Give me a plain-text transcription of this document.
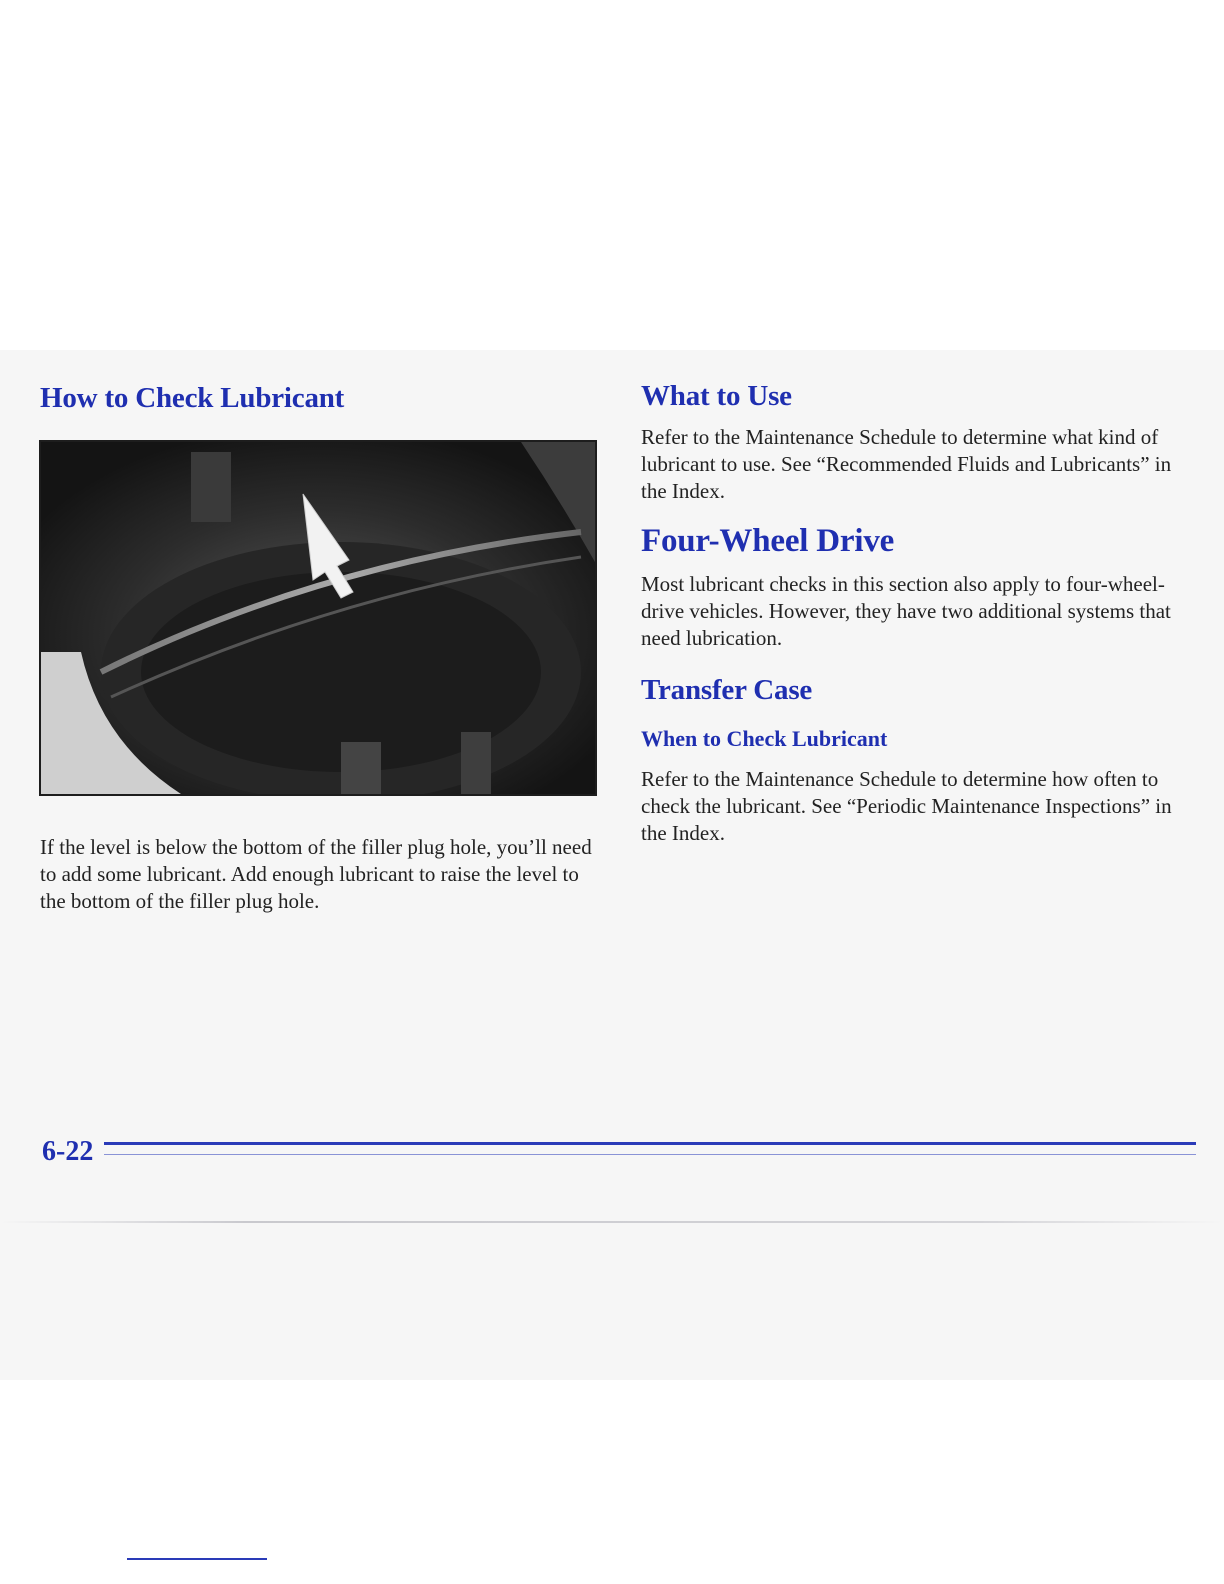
How to Check Lubricant

If the level is below the bottom of the filler plug hole, you’ll need to add some lubricant. Add enough lubricant to raise the level to the bottom of the filler plug hole.

What to Use

Refer to the Maintenance Schedule to determine what kind of lubricant to use. See “Recommended Fluids and Lubricants” in the Index.

Four-Wheel Drive

Most lubricant checks in this section also apply to four-wheel-drive vehicles. However, they have two additional systems that need lubrication.

Transfer Case
When to Check Lubricant

Refer to the Maintenance Schedule to determine how often to check the lubricant. See “Periodic Maintenance Inspections” in the Index.

6-22
